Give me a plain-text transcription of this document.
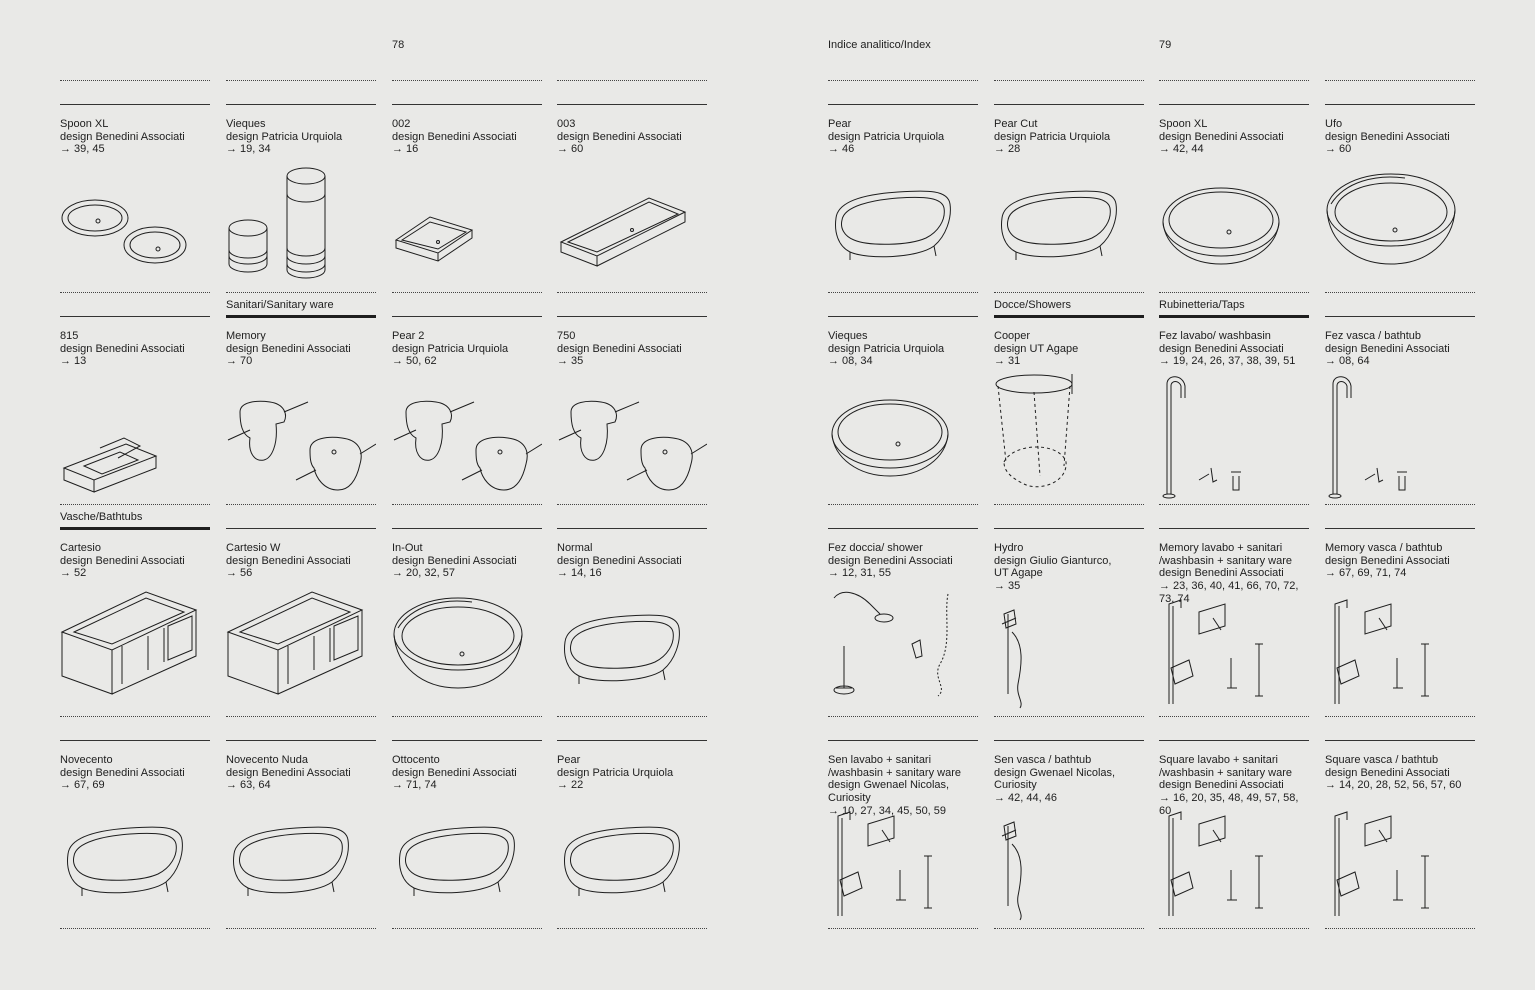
78	Indice analitico/Index	79
Sanitari/Sanitary ware
Vasche/Bathtubs
Docce/Showers	Rubinetteria/Taps
Spoon XL
design Benedini Associati
→ 39, 45
Vieques
design Patricia Urquiola
→ 19, 34
002
design Benedini Associati
→ 16
003
design Benedini Associati
→ 60
Pear
design Patricia Urquiola
→ 46
Pear Cut
design Patricia Urquiola
→ 28
Spoon XL
design Benedini Associati
→ 42, 44
Ufo
design Benedini Associati
→ 60
815
design Benedini Associati
→ 13
Memory
design Benedini Associati
→ 70
Pear 2
design Patricia Urquiola
→ 50, 62
750
design Benedini Associati
→ 35
Vieques
design Patricia Urquiola
→ 08, 34
Cooper
design UT Agape
→ 31
Fez lavabo/ washbasin
design Benedini Associati
→ 19, 24, 26, 37, 38, 39, 51
Fez vasca / bathtub
design Benedini Associati
→ 08, 64
Cartesio
design Benedini Associati
→ 52
Cartesio W
design Benedini Associati
→ 56
In-Out
design Benedini Associati
→ 20, 32, 57
Normal
design Benedini Associati
→ 14, 16
Fez doccia/ shower
design Benedini Associati
→ 12, 31, 55
Hydro
design Giulio Gianturco,
UT Agape
→ 35
Memory lavabo + sanitari
/washbasin + sanitary ware
design Benedini Associati
→ 23, 36, 40, 41, 66, 70, 72,
73, 74
Memory vasca / bathtub
design Benedini Associati
→ 67, 69, 71, 74
Novecento
design Benedini Associati
→ 67, 69
Novecento Nuda
design Benedini Associati
→ 63, 64
Ottocento
design Benedini Associati
→ 71, 74
Pear
design Patricia Urquiola
→ 22
Sen lavabo + sanitari
/washbasin + sanitary ware
design Gwenael Nicolas, Curiosity
→ 10, 27, 34, 45, 50, 59
Sen vasca / bathtub
design Gwenael Nicolas,
Curiosity
→ 42, 44, 46
Square lavabo + sanitari
/washbasin + sanitary ware
design Benedini Associati
→ 16, 20, 35, 48, 49, 57, 58,
60
Square vasca / bathtub
design Benedini Associati
→ 14, 20, 28, 52, 56, 57, 60
